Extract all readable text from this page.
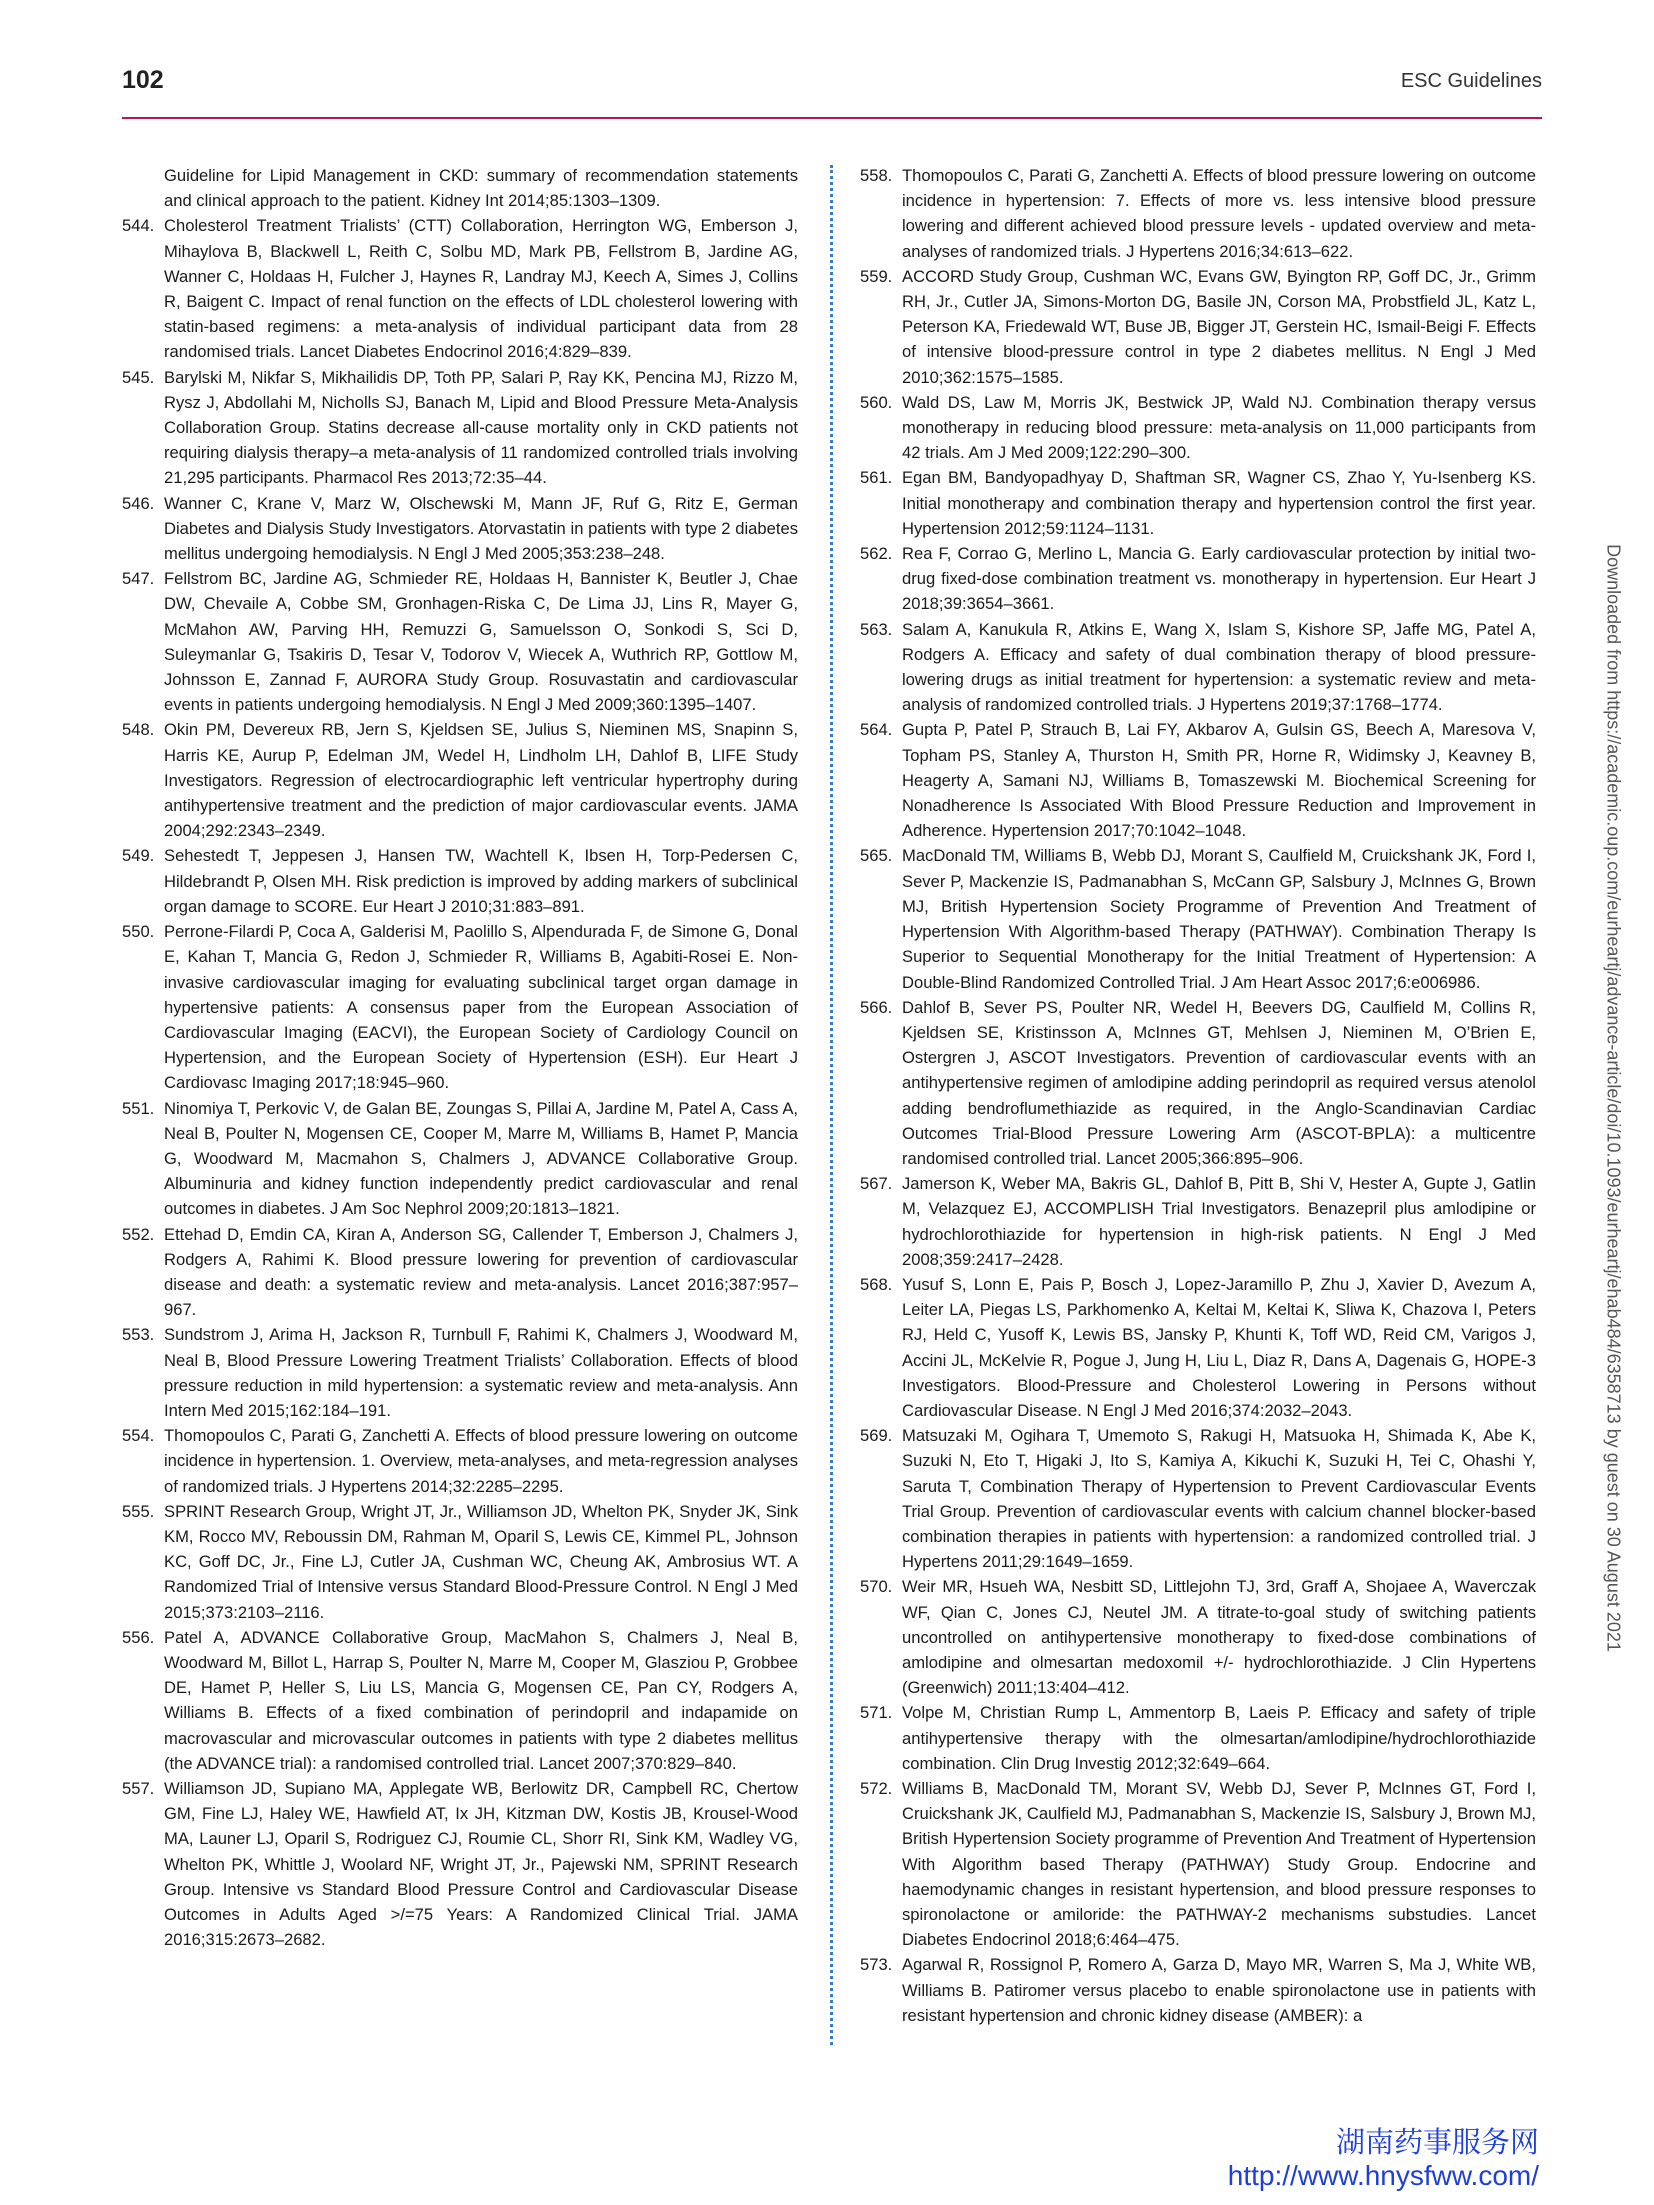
102	ESC Guidelines

Guideline for Lipid Management in CKD: summary of recommendation statements and clinical approach to the patient. Kidney Int 2014;85:1303–1309.

544. Cholesterol Treatment Trialists’ (CTT) Collaboration, Herrington WG, Emberson J, Mihaylova B, Blackwell L, Reith C, Solbu MD, Mark PB, Fellstrom B, Jardine AG, Wanner C, Holdaas H, Fulcher J, Haynes R, Landray MJ, Keech A, Simes J, Collins R, Baigent C. Impact of renal function on the effects of LDL cholesterol lowering with statin-based regimens: a meta-analysis of individual participant data from 28 randomised trials. Lancet Diabetes Endocrinol 2016;4:829–839.

545. Barylski M, Nikfar S, Mikhailidis DP, Toth PP, Salari P, Ray KK, Pencina MJ, Rizzo M, Rysz J, Abdollahi M, Nicholls SJ, Banach M, Lipid and Blood Pressure Meta-Analysis Collaboration Group. Statins decrease all-cause mortality only in CKD patients not requiring dialysis therapy–a meta-analysis of 11 randomized controlled trials involving 21,295 participants. Pharmacol Res 2013;72:35–44.

546. Wanner C, Krane V, Marz W, Olschewski M, Mann JF, Ruf G, Ritz E, German Diabetes and Dialysis Study Investigators. Atorvastatin in patients with type 2 diabetes mellitus undergoing hemodialysis. N Engl J Med 2005;353:238–248.

547. Fellstrom BC, Jardine AG, Schmieder RE, Holdaas H, Bannister K, Beutler J, Chae DW, Chevaile A, Cobbe SM, Gronhagen-Riska C, De Lima JJ, Lins R, Mayer G, McMahon AW, Parving HH, Remuzzi G, Samuelsson O, Sonkodi S, Sci D, Suleymanlar G, Tsakiris D, Tesar V, Todorov V, Wiecek A, Wuthrich RP, Gottlow M, Johnsson E, Zannad F, AURORA Study Group. Rosuvastatin and cardiovascular events in patients undergoing hemodialysis. N Engl J Med 2009;360:1395–1407.

548. Okin PM, Devereux RB, Jern S, Kjeldsen SE, Julius S, Nieminen MS, Snapinn S, Harris KE, Aurup P, Edelman JM, Wedel H, Lindholm LH, Dahlof B, LIFE Study Investigators. Regression of electrocardiographic left ventricular hypertrophy during antihypertensive treatment and the prediction of major cardiovascular events. JAMA 2004;292:2343–2349.

549. Sehestedt T, Jeppesen J, Hansen TW, Wachtell K, Ibsen H, Torp-Pedersen C, Hildebrandt P, Olsen MH. Risk prediction is improved by adding markers of subclinical organ damage to SCORE. Eur Heart J 2010;31:883–891.

550. Perrone-Filardi P, Coca A, Galderisi M, Paolillo S, Alpendurada F, de Simone G, Donal E, Kahan T, Mancia G, Redon J, Schmieder R, Williams B, Agabiti-Rosei E. Non-invasive cardiovascular imaging for evaluating subclinical target organ damage in hypertensive patients: A consensus paper from the European Association of Cardiovascular Imaging (EACVI), the European Society of Cardiology Council on Hypertension, and the European Society of Hypertension (ESH). Eur Heart J Cardiovasc Imaging 2017;18:945–960.

551. Ninomiya T, Perkovic V, de Galan BE, Zoungas S, Pillai A, Jardine M, Patel A, Cass A, Neal B, Poulter N, Mogensen CE, Cooper M, Marre M, Williams B, Hamet P, Mancia G, Woodward M, Macmahon S, Chalmers J, ADVANCE Collaborative Group. Albuminuria and kidney function independently predict cardiovascular and renal outcomes in diabetes. J Am Soc Nephrol 2009;20:1813–1821.

552. Ettehad D, Emdin CA, Kiran A, Anderson SG, Callender T, Emberson J, Chalmers J, Rodgers A, Rahimi K. Blood pressure lowering for prevention of cardiovascular disease and death: a systematic review and meta-analysis. Lancet 2016;387:957–967.

553. Sundstrom J, Arima H, Jackson R, Turnbull F, Rahimi K, Chalmers J, Woodward M, Neal B, Blood Pressure Lowering Treatment Trialists’ Collaboration. Effects of blood pressure reduction in mild hypertension: a systematic review and meta-analysis. Ann Intern Med 2015;162:184–191.

554. Thomopoulos C, Parati G, Zanchetti A. Effects of blood pressure lowering on outcome incidence in hypertension. 1. Overview, meta-analyses, and meta-regression analyses of randomized trials. J Hypertens 2014;32:2285–2295.

555. SPRINT Research Group, Wright JT, Jr., Williamson JD, Whelton PK, Snyder JK, Sink KM, Rocco MV, Reboussin DM, Rahman M, Oparil S, Lewis CE, Kimmel PL, Johnson KC, Goff DC, Jr., Fine LJ, Cutler JA, Cushman WC, Cheung AK, Ambrosius WT. A Randomized Trial of Intensive versus Standard Blood-Pressure Control. N Engl J Med 2015;373:2103–2116.

556. Patel A, ADVANCE Collaborative Group, MacMahon S, Chalmers J, Neal B, Woodward M, Billot L, Harrap S, Poulter N, Marre M, Cooper M, Glasziou P, Grobbee DE, Hamet P, Heller S, Liu LS, Mancia G, Mogensen CE, Pan CY, Rodgers A, Williams B. Effects of a fixed combination of perindopril and indapamide on macrovascular and microvascular outcomes in patients with type 2 diabetes mellitus (the ADVANCE trial): a randomised controlled trial. Lancet 2007;370:829–840.

557. Williamson JD, Supiano MA, Applegate WB, Berlowitz DR, Campbell RC, Chertow GM, Fine LJ, Haley WE, Hawfield AT, Ix JH, Kitzman DW, Kostis JB, Krousel-Wood MA, Launer LJ, Oparil S, Rodriguez CJ, Roumie CL, Shorr RI, Sink KM, Wadley VG, Whelton PK, Whittle J, Woolard NF, Wright JT, Jr., Pajewski NM, SPRINT Research Group. Intensive vs Standard Blood Pressure Control and Cardiovascular Disease Outcomes in Adults Aged >/=75 Years: A Randomized Clinical Trial. JAMA 2016;315:2673–2682.

558. Thomopoulos C, Parati G, Zanchetti A. Effects of blood pressure lowering on outcome incidence in hypertension: 7. Effects of more vs. less intensive blood pressure lowering and different achieved blood pressure levels - updated overview and meta-analyses of randomized trials. J Hypertens 2016;34:613–622.

559. ACCORD Study Group, Cushman WC, Evans GW, Byington RP, Goff DC, Jr., Grimm RH, Jr., Cutler JA, Simons-Morton DG, Basile JN, Corson MA, Probstfield JL, Katz L, Peterson KA, Friedewald WT, Buse JB, Bigger JT, Gerstein HC, Ismail-Beigi F. Effects of intensive blood-pressure control in type 2 diabetes mellitus. N Engl J Med 2010;362:1575–1585.

560. Wald DS, Law M, Morris JK, Bestwick JP, Wald NJ. Combination therapy versus monotherapy in reducing blood pressure: meta-analysis on 11,000 participants from 42 trials. Am J Med 2009;122:290–300.

561. Egan BM, Bandyopadhyay D, Shaftman SR, Wagner CS, Zhao Y, Yu-Isenberg KS. Initial monotherapy and combination therapy and hypertension control the first year. Hypertension 2012;59:1124–1131.

562. Rea F, Corrao G, Merlino L, Mancia G. Early cardiovascular protection by initial two-drug fixed-dose combination treatment vs. monotherapy in hypertension. Eur Heart J 2018;39:3654–3661.

563. Salam A, Kanukula R, Atkins E, Wang X, Islam S, Kishore SP, Jaffe MG, Patel A, Rodgers A. Efficacy and safety of dual combination therapy of blood pressure-lowering drugs as initial treatment for hypertension: a systematic review and meta-analysis of randomized controlled trials. J Hypertens 2019;37:1768–1774.

564. Gupta P, Patel P, Strauch B, Lai FY, Akbarov A, Gulsin GS, Beech A, Maresova V, Topham PS, Stanley A, Thurston H, Smith PR, Horne R, Widimsky J, Keavney B, Heagerty A, Samani NJ, Williams B, Tomaszewski M. Biochemical Screening for Nonadherence Is Associated With Blood Pressure Reduction and Improvement in Adherence. Hypertension 2017;70:1042–1048.

565. MacDonald TM, Williams B, Webb DJ, Morant S, Caulfield M, Cruickshank JK, Ford I, Sever P, Mackenzie IS, Padmanabhan S, McCann GP, Salsbury J, McInnes G, Brown MJ, British Hypertension Society Programme of Prevention And Treatment of Hypertension With Algorithm-based Therapy (PATHWAY). Combination Therapy Is Superior to Sequential Monotherapy for the Initial Treatment of Hypertension: A Double-Blind Randomized Controlled Trial. J Am Heart Assoc 2017;6:e006986.

566. Dahlof B, Sever PS, Poulter NR, Wedel H, Beevers DG, Caulfield M, Collins R, Kjeldsen SE, Kristinsson A, McInnes GT, Mehlsen J, Nieminen M, O’Brien E, Ostergren J, ASCOT Investigators. Prevention of cardiovascular events with an antihypertensive regimen of amlodipine adding perindopril as required versus atenolol adding bendroflumethiazide as required, in the Anglo-Scandinavian Cardiac Outcomes Trial-Blood Pressure Lowering Arm (ASCOT-BPLA): a multicentre randomised controlled trial. Lancet 2005;366:895–906.

567. Jamerson K, Weber MA, Bakris GL, Dahlof B, Pitt B, Shi V, Hester A, Gupte J, Gatlin M, Velazquez EJ, ACCOMPLISH Trial Investigators. Benazepril plus amlodipine or hydrochlorothiazide for hypertension in high-risk patients. N Engl J Med 2008;359:2417–2428.

568. Yusuf S, Lonn E, Pais P, Bosch J, Lopez-Jaramillo P, Zhu J, Xavier D, Avezum A, Leiter LA, Piegas LS, Parkhomenko A, Keltai M, Keltai K, Sliwa K, Chazova I, Peters RJ, Held C, Yusoff K, Lewis BS, Jansky P, Khunti K, Toff WD, Reid CM, Varigos J, Accini JL, McKelvie R, Pogue J, Jung H, Liu L, Diaz R, Dans A, Dagenais G, HOPE-3 Investigators. Blood-Pressure and Cholesterol Lowering in Persons without Cardiovascular Disease. N Engl J Med 2016;374:2032–2043.

569. Matsuzaki M, Ogihara T, Umemoto S, Rakugi H, Matsuoka H, Shimada K, Abe K, Suzuki N, Eto T, Higaki J, Ito S, Kamiya A, Kikuchi K, Suzuki H, Tei C, Ohashi Y, Saruta T, Combination Therapy of Hypertension to Prevent Cardiovascular Events Trial Group. Prevention of cardiovascular events with calcium channel blocker-based combination therapies in patients with hypertension: a randomized controlled trial. J Hypertens 2011;29:1649–1659.

570. Weir MR, Hsueh WA, Nesbitt SD, Littlejohn TJ, 3rd, Graff A, Shojaee A, Waverczak WF, Qian C, Jones CJ, Neutel JM. A titrate-to-goal study of switching patients uncontrolled on antihypertensive monotherapy to fixed-dose combinations of amlodipine and olmesartan medoxomil +/- hydrochlorothiazide. J Clin Hypertens (Greenwich) 2011;13:404–412.

571. Volpe M, Christian Rump L, Ammentorp B, Laeis P. Efficacy and safety of triple antihypertensive therapy with the olmesartan/amlodipine/hydrochlorothiazide combination. Clin Drug Investig 2012;32:649–664.

572. Williams B, MacDonald TM, Morant SV, Webb DJ, Sever P, McInnes GT, Ford I, Cruickshank JK, Caulfield MJ, Padmanabhan S, Mackenzie IS, Salsbury J, Brown MJ, British Hypertension Society programme of Prevention And Treatment of Hypertension With Algorithm based Therapy (PATHWAY) Study Group. Endocrine and haemodynamic changes in resistant hypertension, and blood pressure responses to spironolactone or amiloride: the PATHWAY-2 mechanisms substudies. Lancet Diabetes Endocrinol 2018;6:464–475.

573. Agarwal R, Rossignol P, Romero A, Garza D, Mayo MR, Warren S, Ma J, White WB, Williams B. Patiromer versus placebo to enable spironolactone use in patients with resistant hypertension and chronic kidney disease (AMBER): a

Downloaded from https://academic.oup.com/eurheartj/advance-article/doi/10.1093/eurheartj/ehab484/6358713 by guest on 30 August 2021
湖南药事服务网
http://www.hnysfww.com/
